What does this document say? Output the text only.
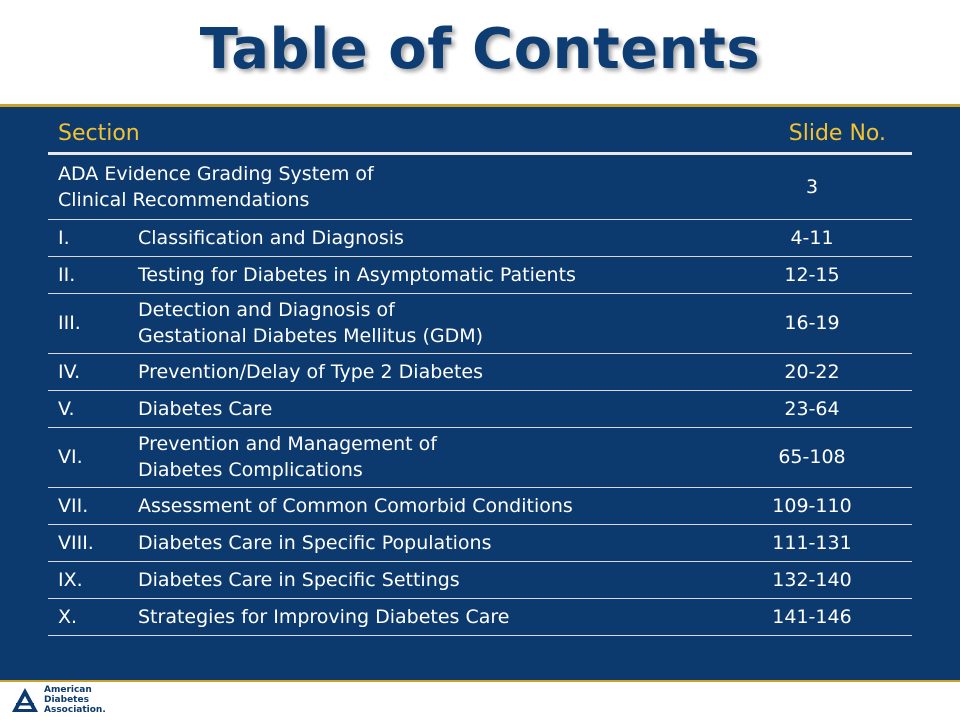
Table of Contents
Section		Slide No.

ADA Evidence Grading System of
Clinical Recommendations		3
I.	Classification and Diagnosis	4-11
II.	Testing for Diabetes in Asymptomatic Patients	12-15
III.	Detection and Diagnosis of
Gestational Diabetes Mellitus (GDM)	16-19
IV.	Prevention/Delay of Type 2 Diabetes	20-22
V.	Diabetes Care	23-64
VI.	Prevention and Management of
Diabetes Complications	65-108
VII.	Assessment of Common Comorbid Conditions	109-110
VIII.	Diabetes Care in Specific Populations	111-131
IX.	Diabetes Care in Specific Settings	132-140
X.	Strategies for Improving Diabetes Care	141-146
American
Diabetes
Association.
